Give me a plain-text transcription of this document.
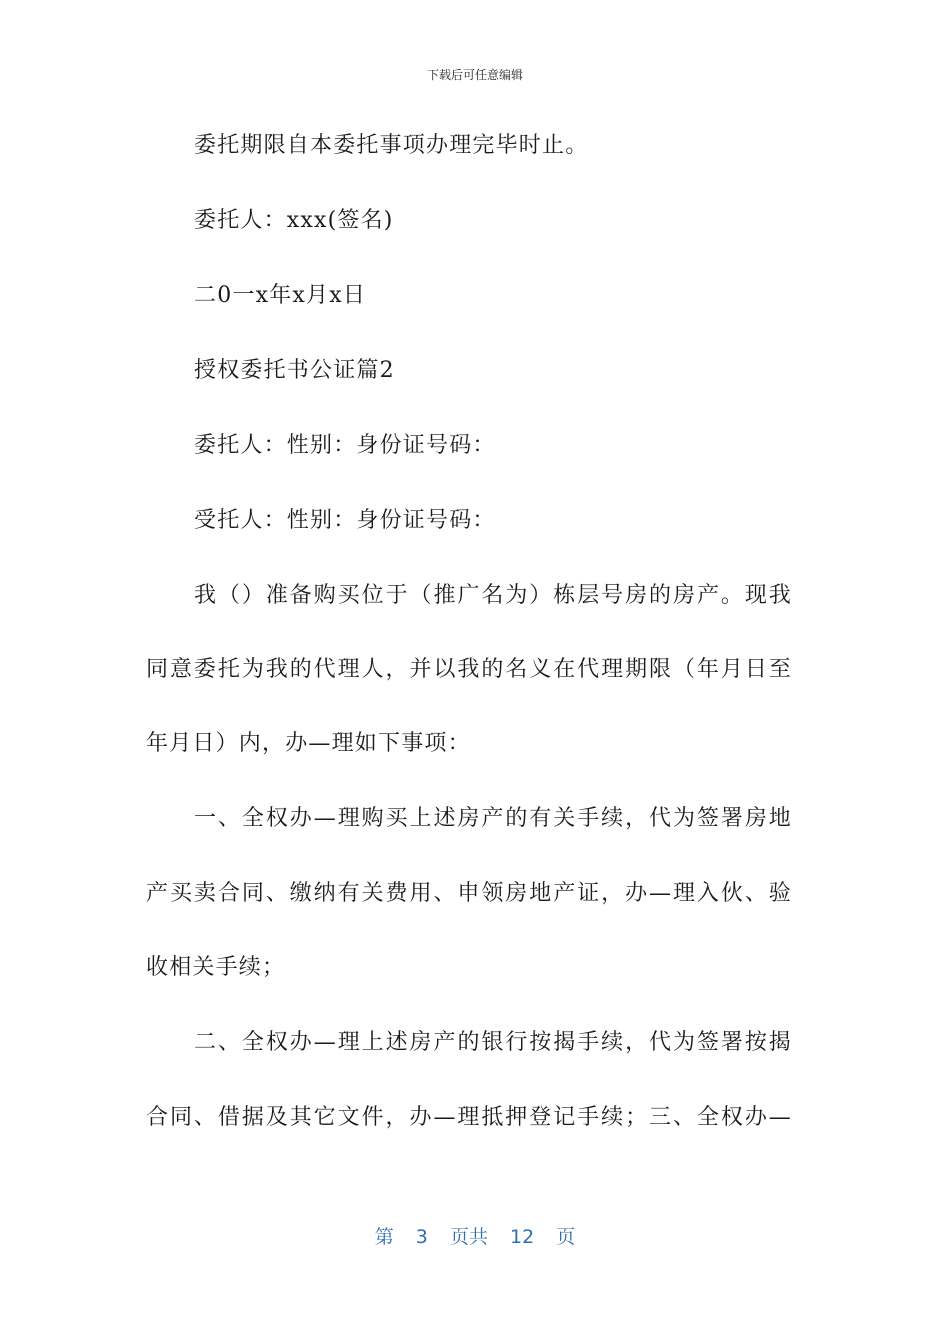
下载后可任意编辑
委托期限自本委托事项办理完毕时止。
委托人：xxx(签名)
二0一x年x月x日
授权委托书公证篇2
委托人：性别：身份证号码：
受托人：性别：身份证号码：
我（）准备购买位于（推广名为）栋层号房的房产。现我
同意委托为我的代理人，并以我的名义在代理期限（年月日至
年月日）内，办—理如下事项：
一、全权办—理购买上述房产的有关手续，代为签署房地
产买卖合同、缴纳有关费用、申领房地产证，办—理入伙、验
收相关手续；
二、全权办—理上述房产的银行按揭手续，代为签署按揭
合同、借据及其它文件，办—理抵押登记手续；三、全权办—
第 3 页共 12 页
